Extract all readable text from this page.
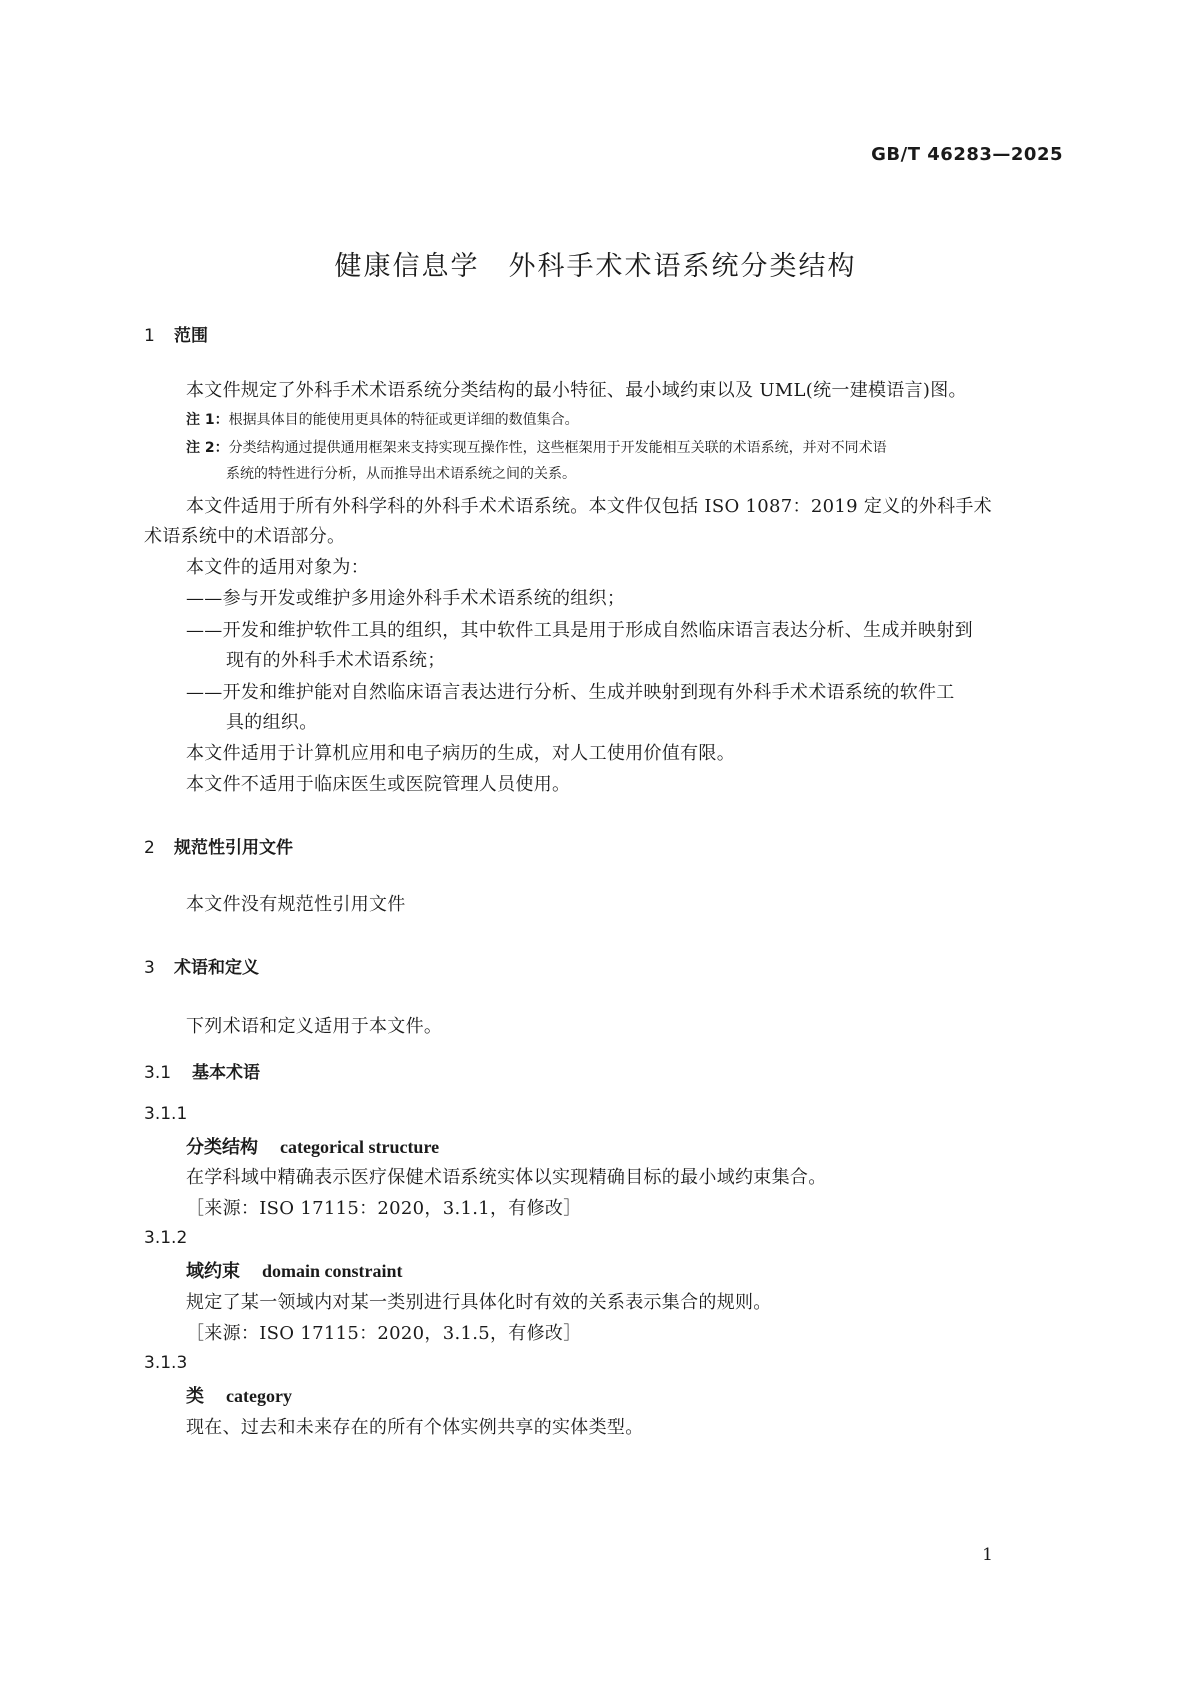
GB/T 46283—2025
健康信息学　外科手术术语系统分类结构
1 范围
本文件规定了外科手术术语系统分类结构的最小特征、最小域约束以及 UML(统一建模语言)图。
注 1：根据具体目的能使用更具体的特征或更详细的数值集合。
注 2：分类结构通过提供通用框架来支持实现互操作性，这些框架用于开发能相互关联的术语系统，并对不同术语
系统的特性进行分析，从而推导出术语系统之间的关系。
本文件适用于所有外科学科的外科手术术语系统。本文件仅包括 ISO 1087：2019 定义的外科手术
术语系统中的术语部分。
本文件的适用对象为：
——参与开发或维护多用途外科手术术语系统的组织；
——开发和维护软件工具的组织，其中软件工具是用于形成自然临床语言表达分析、生成并映射到
现有的外科手术术语系统；
——开发和维护能对自然临床语言表达进行分析、生成并映射到现有外科手术术语系统的软件工
具的组织。
本文件适用于计算机应用和电子病历的生成，对人工使用价值有限。
本文件不适用于临床医生或医院管理人员使用。
2 规范性引用文件
本文件没有规范性引用文件
3 术语和定义
下列术语和定义适用于本文件。
3.1 基本术语
3.1.1
分类结构 categorical structure
在学科域中精确表示医疗保健术语系统实体以实现精确目标的最小域约束集合。
［来源：ISO 17115：2020，3.1.1，有修改］
3.1.2
域约束 domain constraint
规定了某一领域内对某一类别进行具体化时有效的关系表示集合的规则。
［来源：ISO 17115：2020，3.1.5，有修改］
3.1.3
类 category
现在、过去和未来存在的所有个体实例共享的实体类型。
1
